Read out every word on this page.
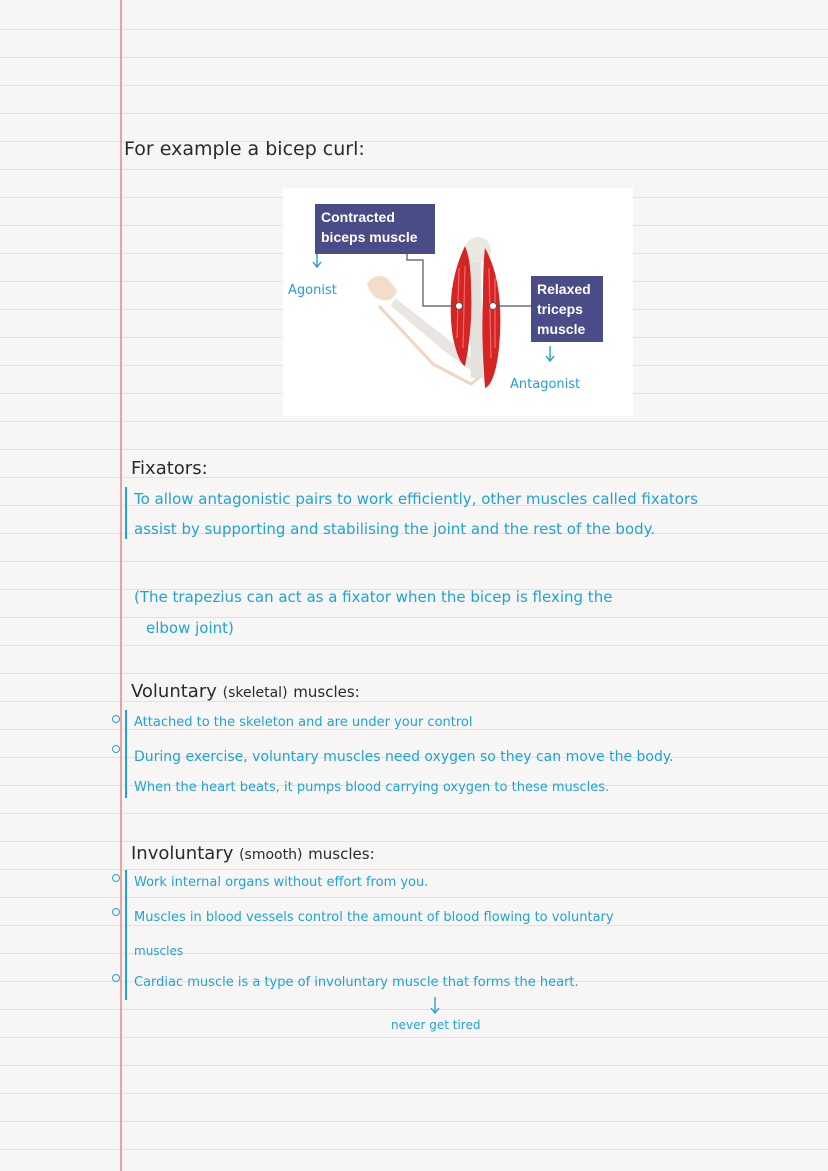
For example a bicep curl:
Contracted
biceps muscle
Relaxed
triceps
muscle
Agonist
Antagonist
Fixators:
To allow antagonistic pairs to work efficiently, other muscles called fixators
assist by supporting and stabilising the joint and the rest of the body.
(The trapezius can act as a fixator when the bicep is flexing the
elbow joint)
Voluntary (skeletal) muscles:
Attached to the skeleton and are under your control
During exercise, voluntary muscles need oxygen so they can move the body.
When the heart beats, it pumps blood carrying oxygen to these muscles.
Involuntary (smooth) muscles:
Work internal organs without effort from you.
Muscles in blood vessels control the amount of blood flowing to voluntary
muscles
Cardiac muscle is a type of involuntary muscle that forms the heart.
never get tired
